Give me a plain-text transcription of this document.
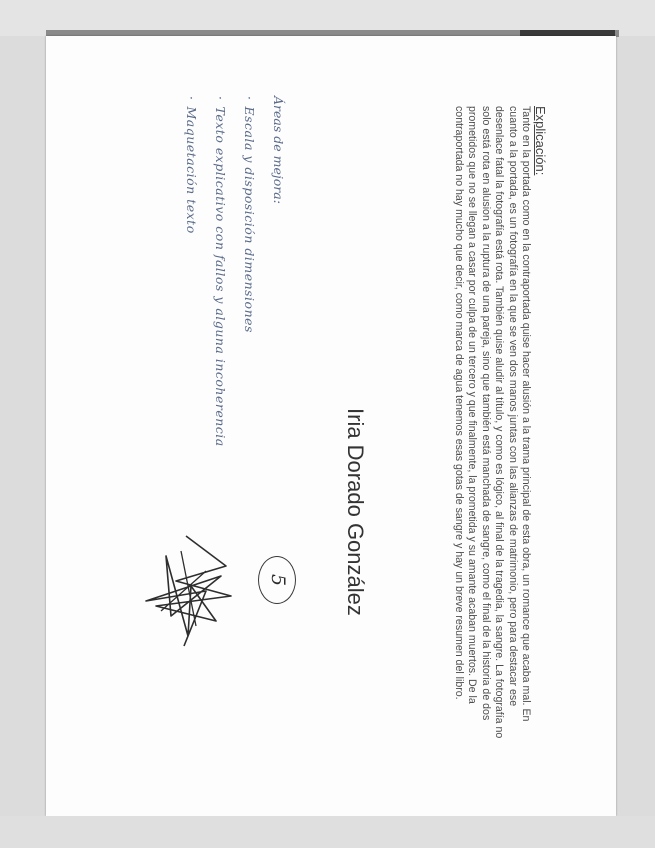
Explicación:

Tanto en la portada como en la contraportada quise hacer alusión a la trama principal de esta obra, un romance que acaba mal. En cuanto a la portada, es un fotografía en la que se ven dos manos juntas con las alianzas de matrimonio, pero para destacar ese desenlace fatal la fotografía está rota. También quise aludir al título, y como es lógico, al final de la tragedia, la sangre. La fotografía no solo está rota en alusion a la ruptura de una pareja, sino que también está manchada de sangre, como el final de la historia de dos prometidos que no se llegan a casar por culpa de un tercero y que finalmente, la prometida y su amante acaban muertos. De la contraportada no hay mucho que decir, como marca de agua tenemos esas gotas de sangre y hay un breve resumen del libro.

Iria Dorado González
5
Áreas de mejora:
·Escala y disposición dimensiones
·Texto explicativo con fallos y alguna incoherencia
·Maquetación texto
